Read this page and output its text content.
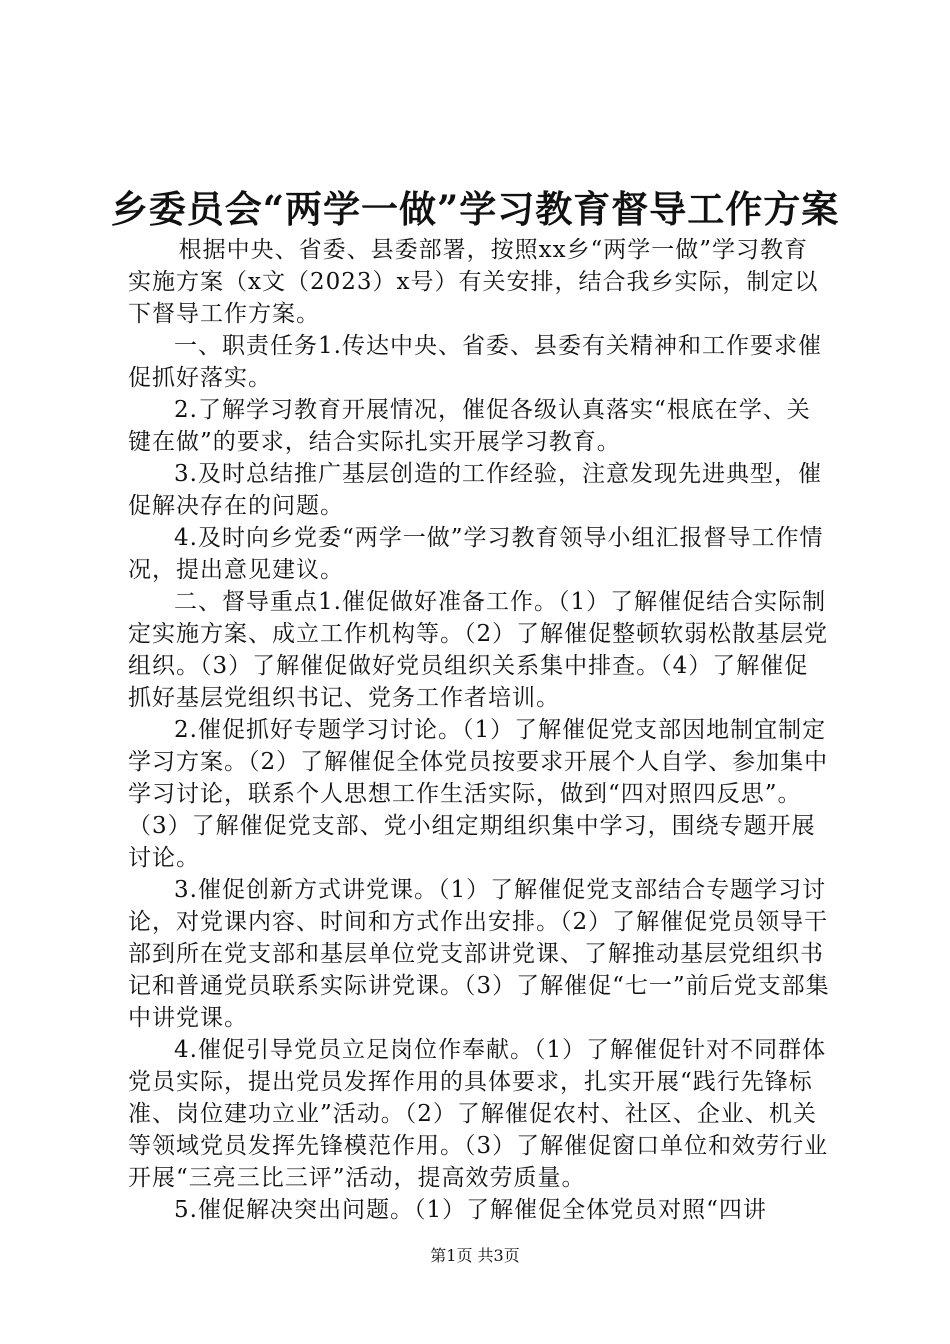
乡委员会“两学一做”学习教育督导工作方案

根据中央、省委、县委部署，按照xx乡“两学一做”学习教育实施方案（x文（2023）x号）有关安排，结合我乡实际，制定以下督导工作方案。

一、职责任务1.传达中央、省委、县委有关精神和工作要求催促抓好落实。

2.了解学习教育开展情况，催促各级认真落实“根底在学、关键在做”的要求，结合实际扎实开展学习教育。

3.及时总结推广基层创造的工作经验，注意发现先进典型，催促解决存在的问题。

4.及时向乡党委“两学一做”学习教育领导小组汇报督导工作情况，提出意见建议。

二、督导重点1.催促做好准备工作。（1）了解催促结合实际制定实施方案、成立工作机构等。（2）了解催促整顿软弱松散基层党组织。（3）了解催促做好党员组织关系集中排查。（4）了解催促抓好基层党组织书记、党务工作者培训。

2.催促抓好专题学习讨论。（1）了解催促党支部因地制宜制定学习方案。（2）了解催促全体党员按要求开展个人自学、参加集中学习讨论，联系个人思想工作生活实际，做到“四对照四反思”。（3）了解催促党支部、党小组定期组织集中学习，围绕专题开展讨论。

3.催促创新方式讲党课。（1）了解催促党支部结合专题学习讨论，对党课内容、时间和方式作出安排。（2）了解催促党员领导干部到所在党支部和基层单位党支部讲党课、了解推动基层党组织书记和普通党员联系实际讲党课。（3）了解催促“七一”前后党支部集中讲党课。

4.催促引导党员立足岗位作奉献。（1）了解催促针对不同群体党员实际，提出党员发挥作用的具体要求，扎实开展“践行先锋标准、岗位建功立业”活动。（2）了解催促农村、社区、企业、机关等领域党员发挥先锋模范作用。（3）了解催促窗口单位和效劳行业开展“三亮三比三评”活动，提高效劳质量。

5.催促解决突出问题。（1）了解催促全体党员对照“四讲

第1页 共3页
